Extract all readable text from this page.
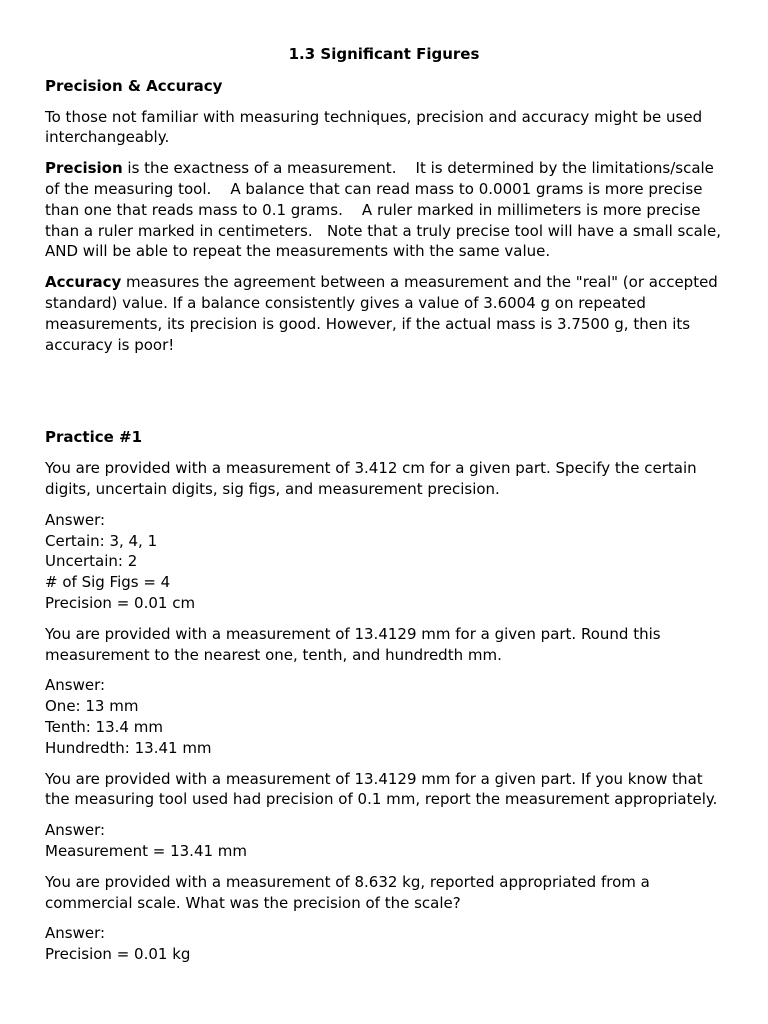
1.3 Significant Figures
Precision & Accuracy

To those not familiar with measuring techniques, precision and accuracy might be used interchangeably.

Precision is the exactness of a measurement.    It is determined by the limitations/scale of the measuring tool.    A balance that can read mass to 0.0001 grams is more precise than one that reads mass to 0.1 grams.    A ruler marked in millimeters is more precise than a ruler marked in centimeters.   Note that a truly precise tool will have a small scale, AND will be able to repeat the measurements with the same value.

Accuracy measures the agreement between a measurement and the "real" (or accepted standard) value. If a balance consistently gives a value of 3.6004 g on repeated measurements, its precision is good. However, if the actual mass is 3.7500 g, then its accuracy is poor!

Practice #1

You are provided with a measurement of 3.412 cm for a given part. Specify the certain digits, uncertain digits, sig figs, and measurement precision.

Answer:
Certain: 3, 4, 1
Uncertain: 2
# of Sig Figs = 4
Precision = 0.01 cm

You are provided with a measurement of 13.4129 mm for a given part. Round this measurement to the nearest one, tenth, and hundredth mm.

Answer:
One: 13 mm
Tenth: 13.4 mm
Hundredth: 13.41 mm

You are provided with a measurement of 13.4129 mm for a given part. If you know that the measuring tool used had precision of 0.1 mm, report the measurement appropriately.

Answer:
Measurement = 13.41 mm

You are provided with a measurement of 8.632 kg, reported appropriated from a commercial scale. What was the precision of the scale?

Answer:
Precision = 0.01 kg
